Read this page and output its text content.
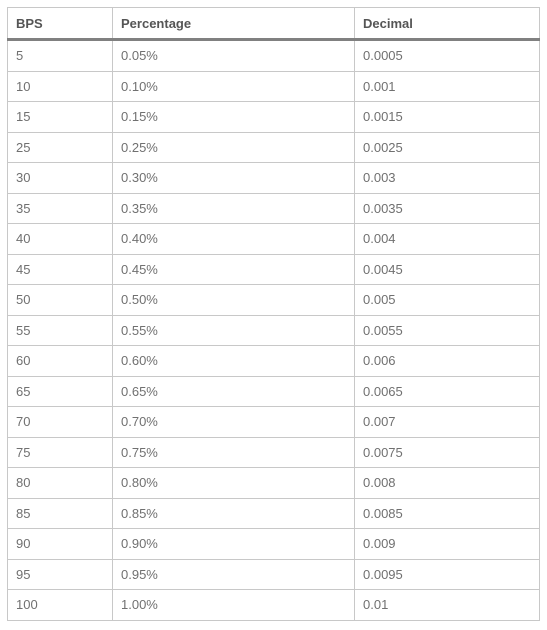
BPS	Percentage	Decimal
5	0.05%	0.0005
10	0.10%	0.001
15	0.15%	0.0015
25	0.25%	0.0025
30	0.30%	0.003
35	0.35%	0.0035
40	0.40%	0.004
45	0.45%	0.0045
50	0.50%	0.005
55	0.55%	0.0055
60	0.60%	0.006
65	0.65%	0.0065
70	0.70%	0.007
75	0.75%	0.0075
80	0.80%	0.008
85	0.85%	0.0085
90	0.90%	0.009
95	0.95%	0.0095
100	1.00%	0.01
